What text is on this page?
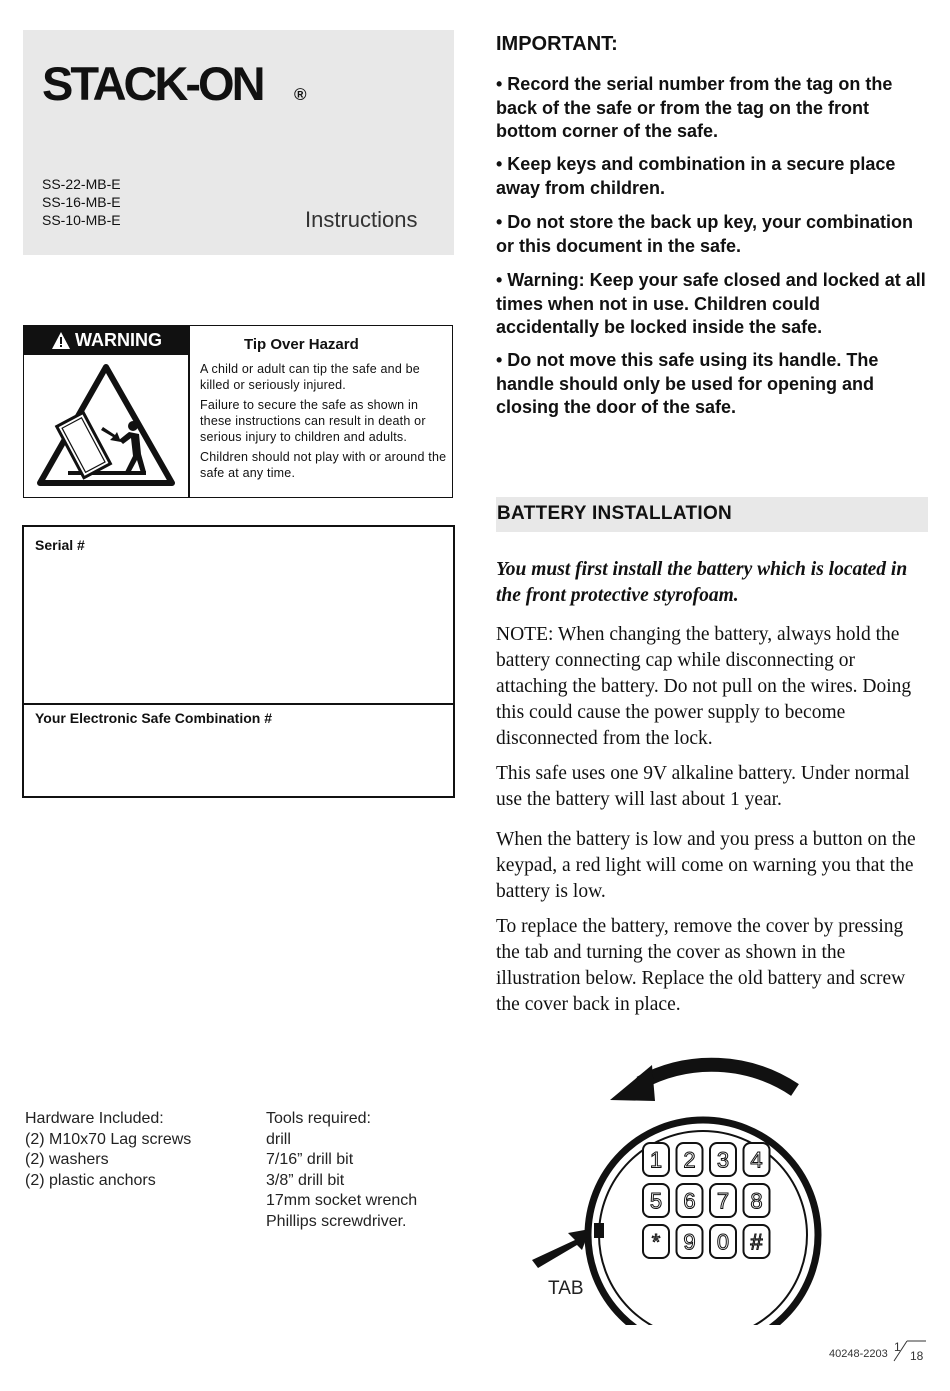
STACK-ON ®
SS-22-MB-E
SS-16-MB-E
SS-10-MB-E	Instructions
WARNING	Tip Over Hazard
A child or adult can tip the safe and be killed or seriously injured.
Failure to secure the safe as shown in these instructions can result in death or serious injury to children and adults.
Children should not play with or around the safe at any time.
Serial #
Your Electronic Safe Combination #
IMPORTANT:
• Record the serial number from the tag on the back of the safe or from the tag on the front bottom corner of the safe.
• Keep keys and combination in a secure place away from children.
• Do not store the back up key, your combination or this document in the safe.
• Warning: Keep your safe closed and locked at all times when not in use. Children could accidentally be locked inside the safe.
• Do not move this safe using its handle. The handle should only be used for opening and closing the door of the safe.
BATTERY INSTALLATION
You must first install the battery which is located in the front protective styrofoam.
NOTE: When changing the battery, always hold the battery connecting cap while disconnecting or attaching the battery. Do not pull on the wires. Doing this could cause the power supply to become disconnected from the lock.
This safe uses one 9V alkaline battery. Under normal use the battery will last about 1 year.
When the battery is low and you press a button on the keypad, a red light will come on warning you that the battery is low.
To replace the battery, remove the cover by pressing the tab and turning the cover as shown in the illustration below. Replace the old battery and screw the cover back in place.
Hardware Included:
(2) M10x70 Lag screws
(2) washers
(2) plastic anchors
Tools required:
drill
7/16” drill bit
3/8” drill bit
17mm socket wrench
Phillips screwdriver.
1 2 3 4
5 6 7 8
* 9 0 #
TAB
40248-2203 1
18
